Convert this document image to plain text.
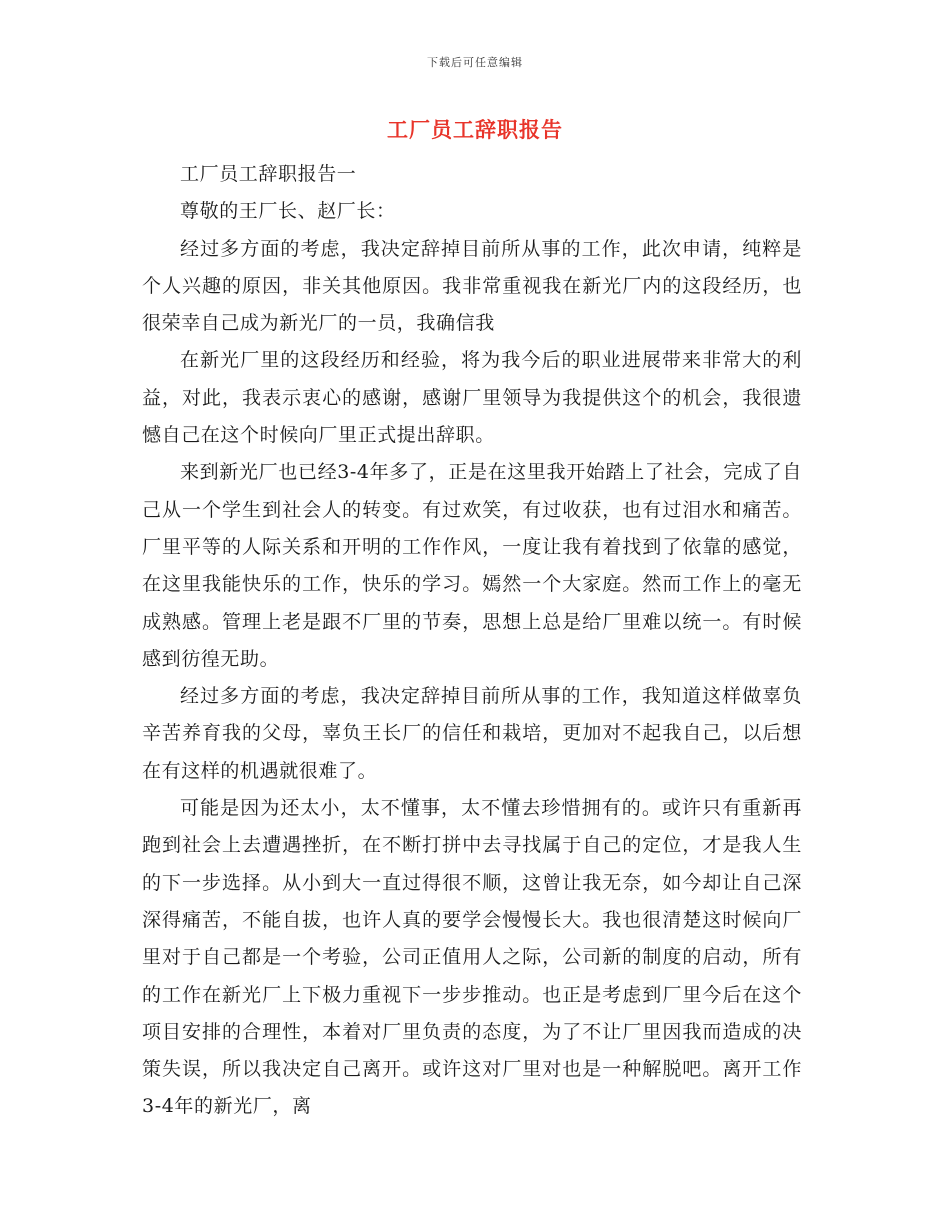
下载后可任意编辑
工厂员工辞职报告

工厂员工辞职报告一

尊敬的王厂长、赵厂长：

经过多方面的考虑，我决定辞掉目前所从事的工作，此次申请，纯粹是个人兴趣的原因，非关其他原因。我非常重视我在新光厂内的这段经历，也很荣幸自己成为新光厂的一员，我确信我

在新光厂里的这段经历和经验，将为我今后的职业进展带来非常大的利益，对此，我表示衷心的感谢，感谢厂里领导为我提供这个的机会，我很遗憾自己在这个时候向厂里正式提出辞职。

来到新光厂也已经3-4年多了，正是在这里我开始踏上了社会，完成了自己从一个学生到社会人的转变。有过欢笑，有过收获，也有过泪水和痛苦。厂里平等的人际关系和开明的工作作风，一度让我有着找到了依靠的感觉，在这里我能快乐的工作，快乐的学习。嫣然一个大家庭。然而工作上的毫无成熟感。管理上老是跟不厂里的节奏，思想上总是给厂里难以统一。有时候感到彷徨无助。

经过多方面的考虑，我决定辞掉目前所从事的工作，我知道这样做辜负辛苦养育我的父母，辜负王长厂的信任和栽培，更加对不起我自己，以后想在有这样的机遇就很难了。

可能是因为还太小，太不懂事，太不懂去珍惜拥有的。或许只有重新再跑到社会上去遭遇挫折，在不断打拼中去寻找属于自己的定位，才是我人生的下一步选择。从小到大一直过得很不顺，这曾让我无奈，如今却让自己深深得痛苦，不能自拔，也许人真的要学会慢慢长大。我也很清楚这时候向厂里对于自己都是一个考验，公司正值用人之际，公司新的制度的启动，所有的工作在新光厂上下极力重视下一步步推动。也正是考虑到厂里今后在这个项目安排的合理性，本着对厂里负责的态度，为了不让厂里因我而造成的决策失误，所以我决定自己离开。或许这对厂里对也是一种解脱吧。离开工作3-4年的新光厂，离
